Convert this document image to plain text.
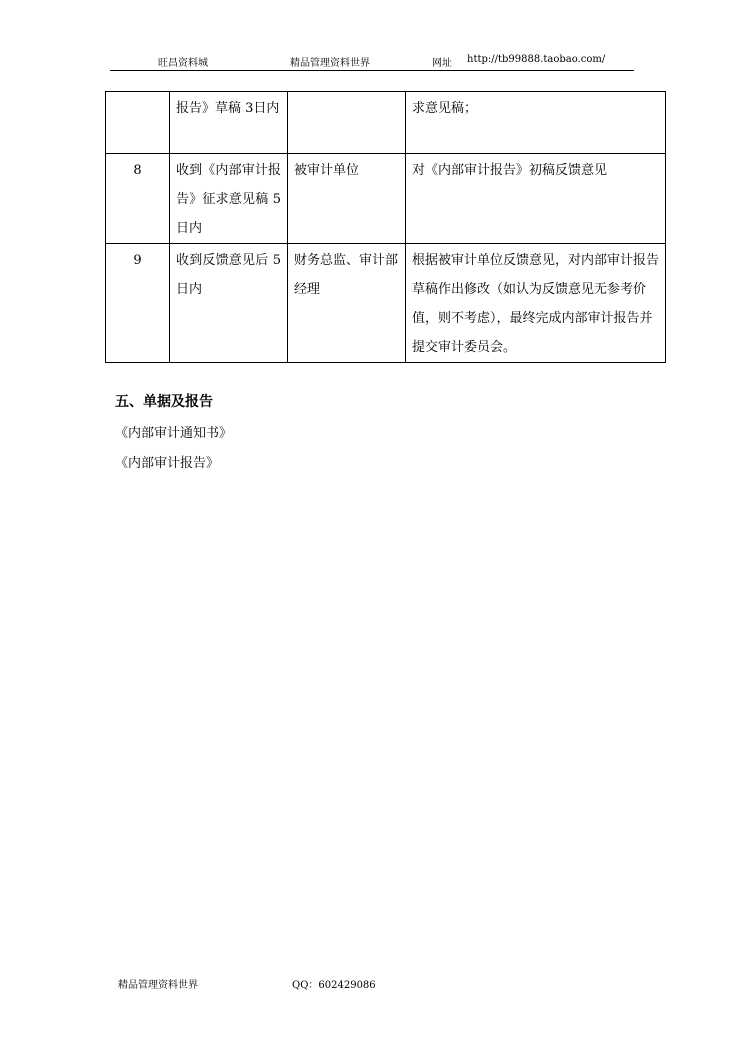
旺昌资料城	精品管理资料世界	网址 http://tb99888.taobao.com/
	报告》草稿 3日内		求意见稿；
8	收到《内部审计报告》征求意见稿 5 日内	被审计单位	对《内部审计报告》初稿反馈意见
9	收到反馈意见后 5 日内	财务总监、审计部经理	根据被审计单位反馈意见，对内部审计报告草稿作出修改（如认为反馈意见无参考价值，则不考虑），最终完成内部审计报告并提交审计委员会。
五、单据及报告
《内部审计通知书》
《内部审计报告》
精品管理资料世界	QQ：602429086
